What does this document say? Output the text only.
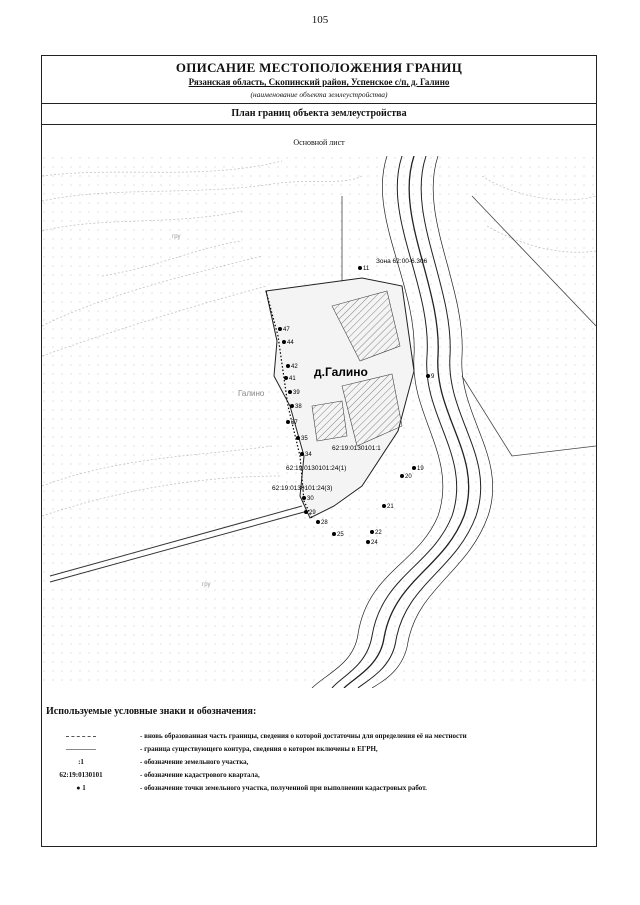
105
ОПИСАНИЕ МЕСТОПОЛОЖЕНИЯ ГРАНИЦ
Рязанская область, Скопинский район, Успенское с/п, д. Галино
(наименование объекта землеустройства)
План границ объекта землеустройства
Основной лист
д.Галино
Галино
Зона 62:00-6.306
62:19:0130101:1
62:19:0130101:24(1)
62:19:0130101:24(3)
гру
гру
11
47
44
42
41
39
38
37
35
34
30
29
28
25
24
22
21
20
19
9
Используемые условные знаки и обозначения:
- вновь образованная часть границы, сведения о которой достаточны для определения её на местности
- граница существующего контура, сведения о котором включены в ЕГРН,
:1	- обозначение земельного участка,
62:19:0130101	- обозначение кадастрового квартала,
● 1	- обозначение точки земельного участка, полученной при выполнении кадастровых работ.
